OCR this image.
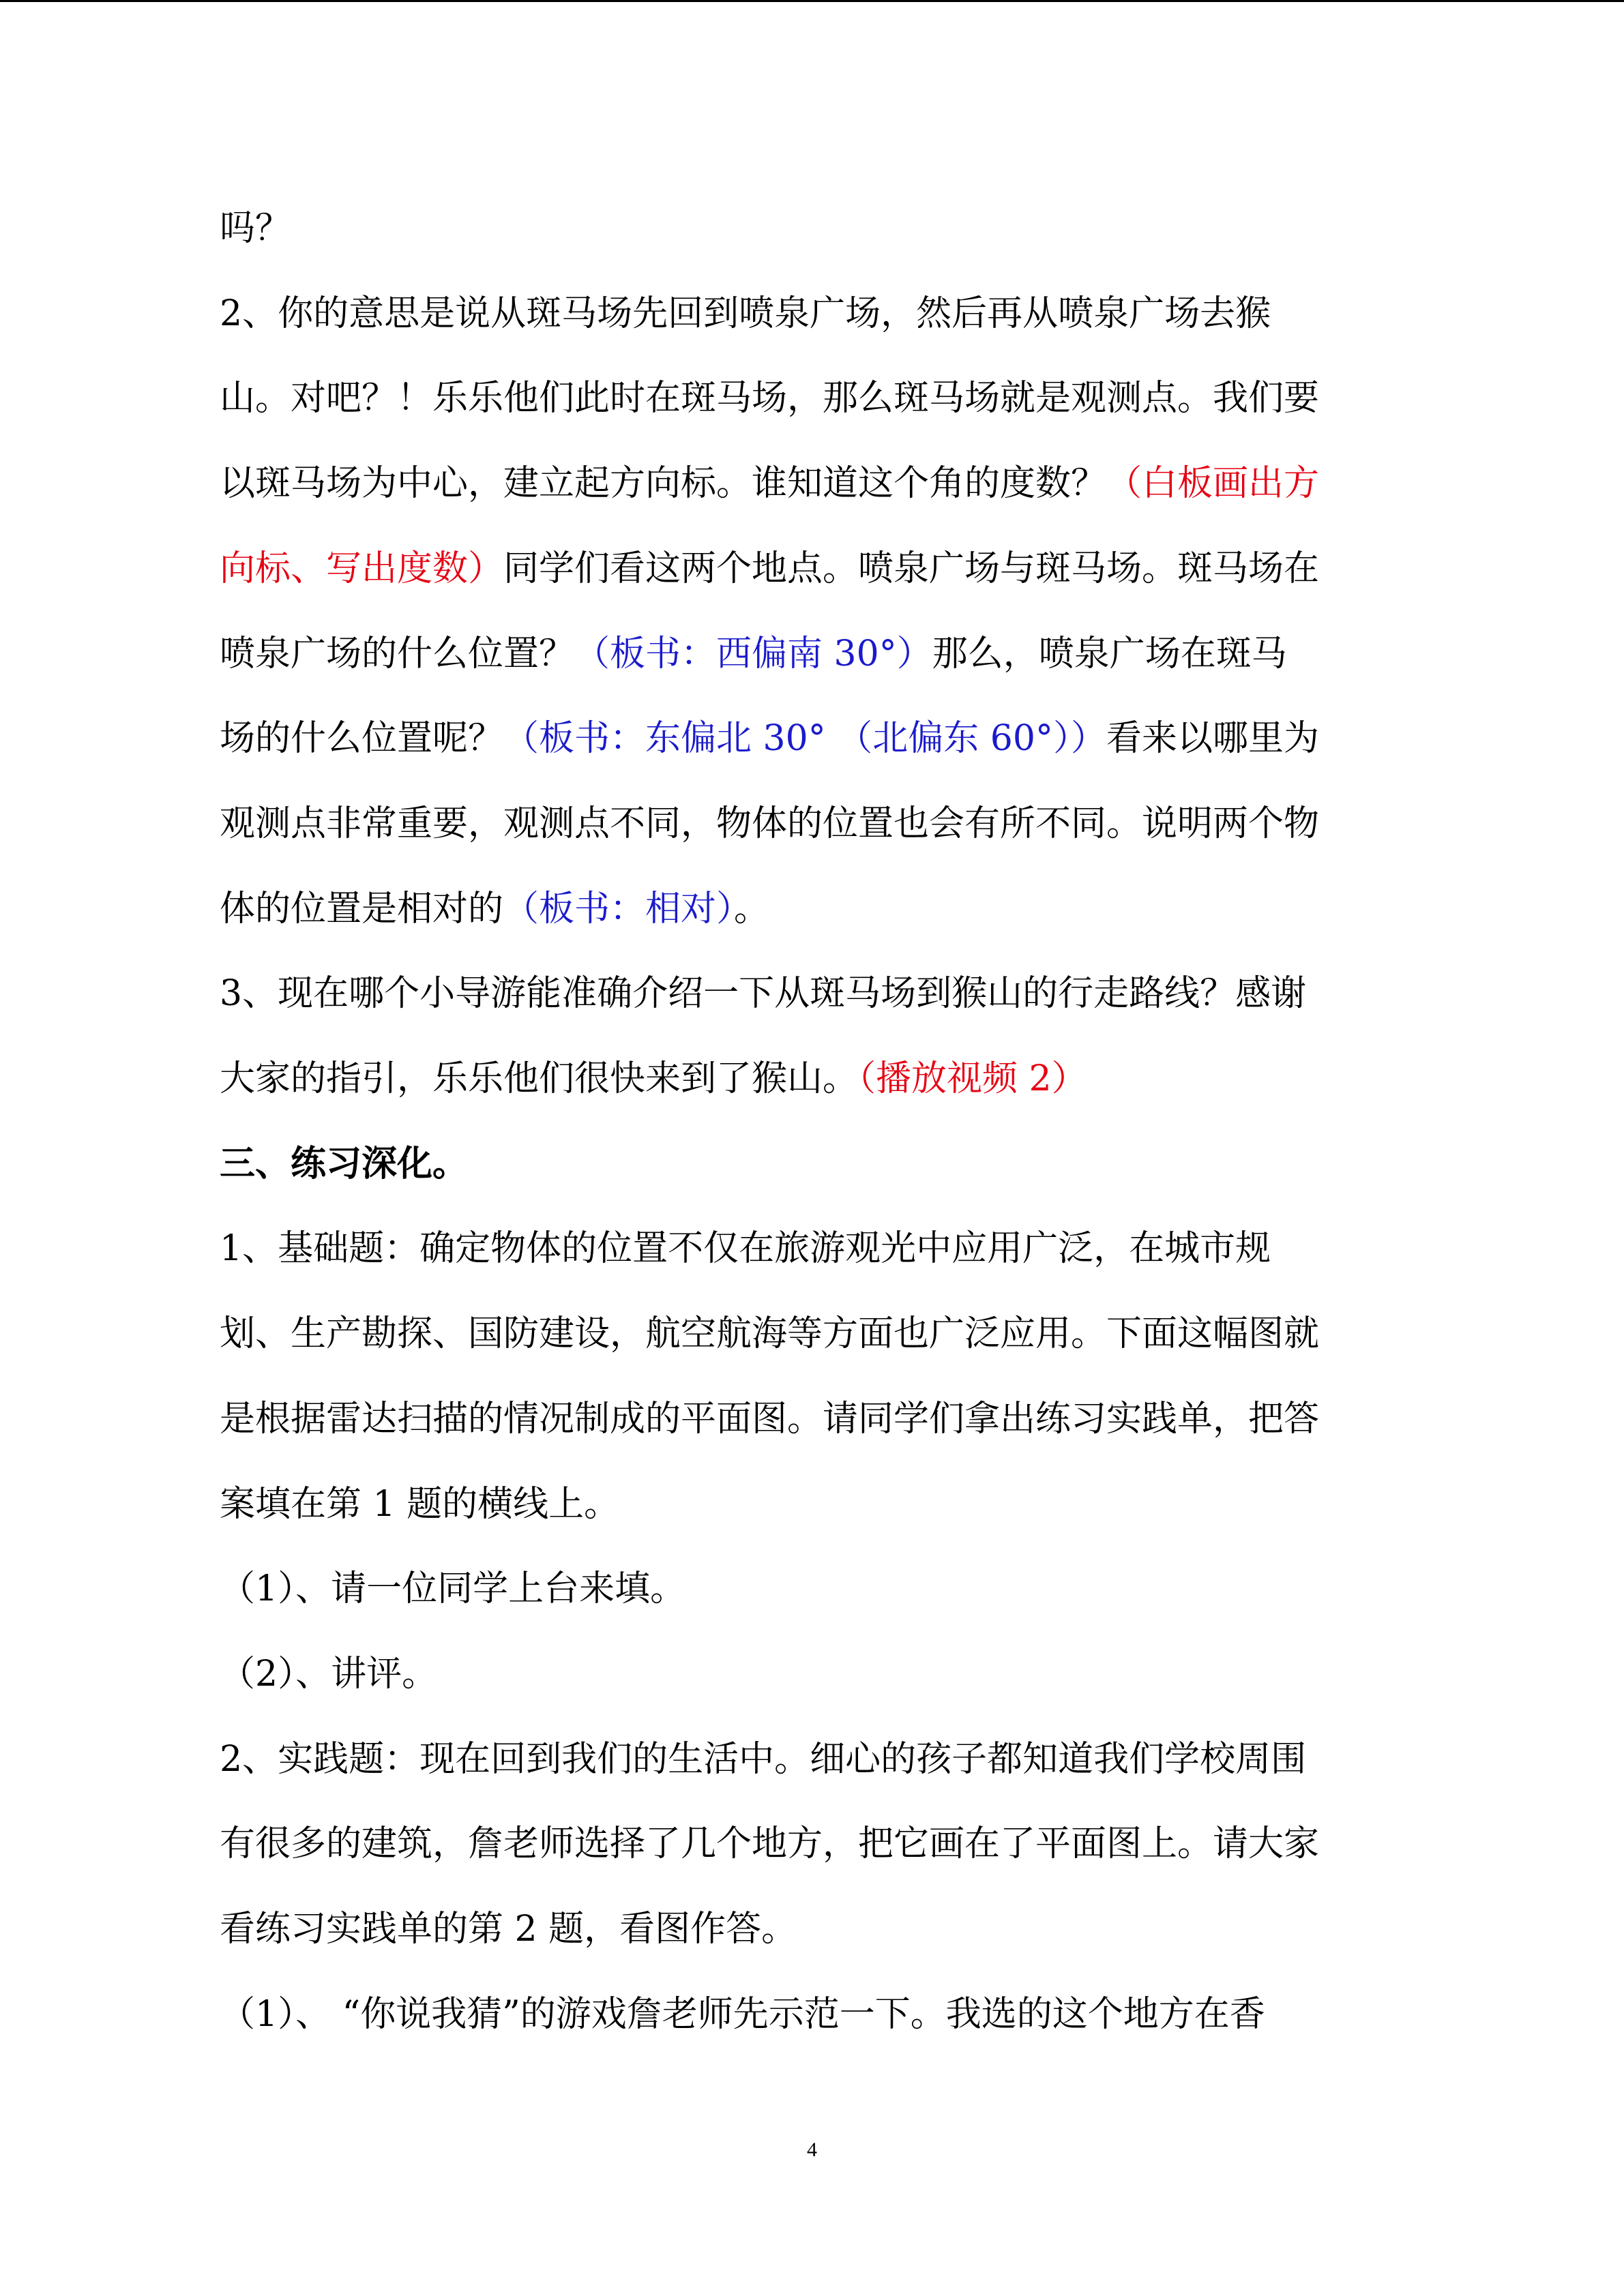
吗？
2、你的意思是说从斑马场先回到喷泉广场，然后再从喷泉广场去猴
山。对吧？！乐乐他们此时在斑马场，那么斑马场就是观测点。我们要
以斑马场为中心，建立起方向标。谁知道这个角的度数？（白板画出方
向标、写出度数）同学们看这两个地点。喷泉广场与斑马场。斑马场在
喷泉广场的什么位置？（板书：西偏南 30°）那么，喷泉广场在斑马
场的什么位置呢？（板书：东偏北 30° （北偏东 60°））看来以哪里为
观测点非常重要，观测点不同，物体的位置也会有所不同。说明两个物
体的位置是相对的（板书：相对）。
3、现在哪个小导游能准确介绍一下从斑马场到猴山的行走路线？感谢
大家的指引，乐乐他们很快来到了猴山。（播放视频 2）
三、练习深化。
1、基础题：确定物体的位置不仅在旅游观光中应用广泛，在城市规
划、生产勘探、国防建设，航空航海等方面也广泛应用。下面这幅图就
是根据雷达扫描的情况制成的平面图。请同学们拿出练习实践单，把答
案填在第 1 题的横线上。
（1）、请一位同学上台来填。
（2）、讲评。
2、实践题：现在回到我们的生活中。细心的孩子都知道我们学校周围
有很多的建筑，詹老师选择了几个地方，把它画在了平面图上。请大家
看练习实践单的第 2 题，看图作答。
（1）、 “你说我猜”的游戏詹老师先示范一下。我选的这个地方在香
4
